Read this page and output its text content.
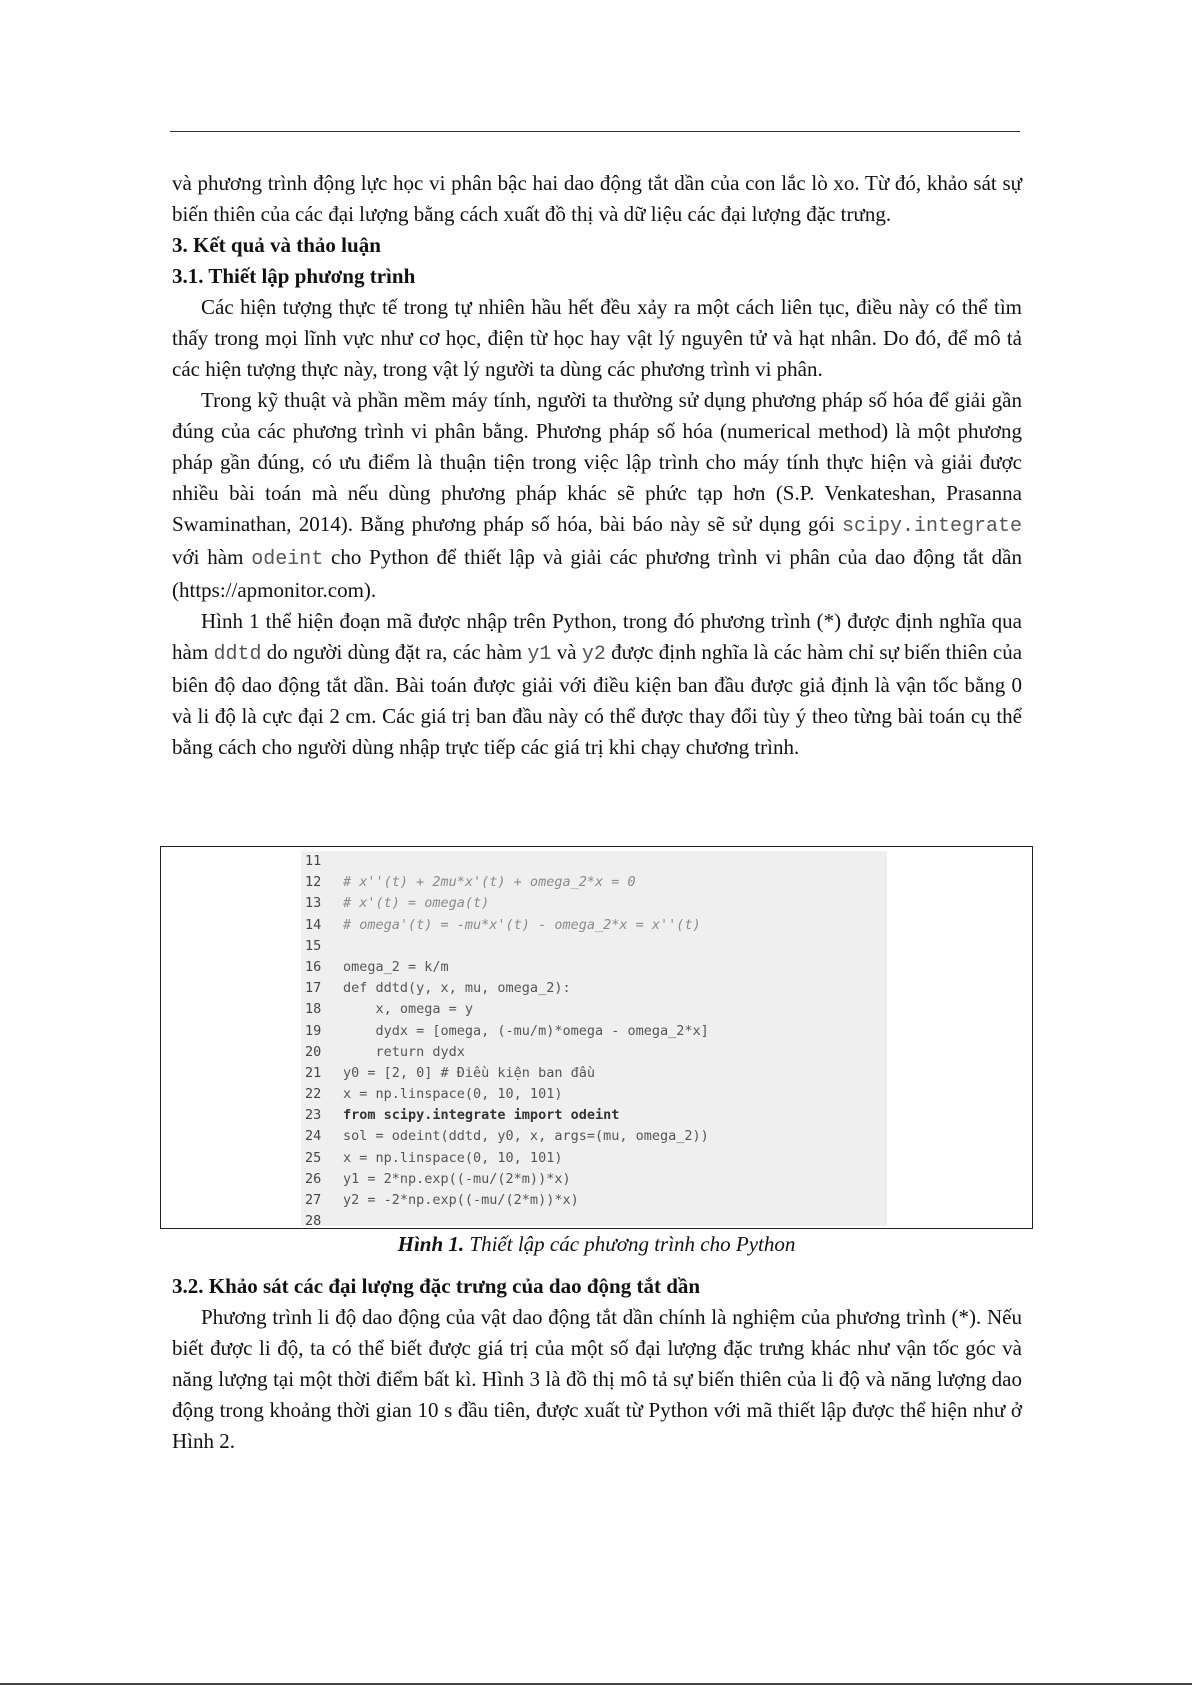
và phương trình động lực học vi phân bậc hai dao động tắt dần của con lắc lò xo. Từ đó, khảo sát sự biến thiên của các đại lượng bằng cách xuất đồ thị và dữ liệu các đại lượng đặc trưng.

3. Kết quả và thảo luận

3.1. Thiết lập phương trình

Các hiện tượng thực tế trong tự nhiên hầu hết đều xảy ra một cách liên tục, điều này có thể tìm thấy trong mọi lĩnh vực như cơ học, điện từ học hay vật lý nguyên tử và hạt nhân. Do đó, để mô tả các hiện tượng thực này, trong vật lý người ta dùng các phương trình vi phân.

Trong kỹ thuật và phần mềm máy tính, người ta thường sử dụng phương pháp số hóa để giải gần đúng của các phương trình vi phân bằng. Phương pháp số hóa (numerical method) là một phương pháp gần đúng, có ưu điểm là thuận tiện trong việc lập trình cho máy tính thực hiện và giải được nhiều bài toán mà nếu dùng phương pháp khác sẽ phức tạp hơn (S.P. Venkateshan, Prasanna Swaminathan, 2014). Bằng phương pháp số hóa, bài báo này sẽ sử dụng gói scipy.integrate với hàm odeint cho Python để thiết lập và giải các phương trình vi phân của dao động tắt dần (https://apmonitor.com).

Hình 1 thể hiện đoạn mã được nhập trên Python, trong đó phương trình (*) được định nghĩa qua hàm ddtd do người dùng đặt ra, các hàm y1 và y2 được định nghĩa là các hàm chỉ sự biến thiên của biên độ dao động tắt dần. Bài toán được giải với điều kiện ban đầu được giả định là vận tốc bằng 0 và li độ là cực đại 2 cm. Các giá trị ban đầu này có thể được thay đổi tùy ý theo từng bài toán cụ thể bằng cách cho người dùng nhập trực tiếp các giá trị khi chạy chương trình.

11
12 # x''(t) + 2mu*x'(t) + omega_2*x = 0
13 # x'(t) = omega(t)
14 # omega'(t) = -mu*x'(t) - omega_2*x = x''(t)
15
16 omega_2 = k/m
17 def ddtd(y, x, mu, omega_2):
18    x, omega = y
19    dydx = [omega, (-mu/m)*omega - omega_2*x]
20    return dydx
21 y0 = [2, 0] # Điều kiện ban đầu
22 x = np.linspace(0, 10, 101)
23 from scipy.integrate import odeint
24 sol = odeint(ddtd, y0, x, args=(mu, omega_2))
25 x = np.linspace(0, 10, 101)
26 y1 = 2*np.exp((-mu/(2*m))*x)
27 y2 = -2*np.exp((-mu/(2*m))*x)
28
Hình 1. Thiết lập các phương trình cho Python

3.2. Khảo sát các đại lượng đặc trưng của dao động tắt dần

Phương trình li độ dao động của vật dao động tắt dần chính là nghiệm của phương trình (*). Nếu biết được li độ, ta có thể biết được giá trị của một số đại lượng đặc trưng khác như vận tốc góc và năng lượng tại một thời điểm bất kì. Hình 3 là đồ thị mô tả sự biến thiên của li độ và năng lượng dao động trong khoảng thời gian 10 s đầu tiên, được xuất từ Python với mã thiết lập được thể hiện như ở Hình 2.
